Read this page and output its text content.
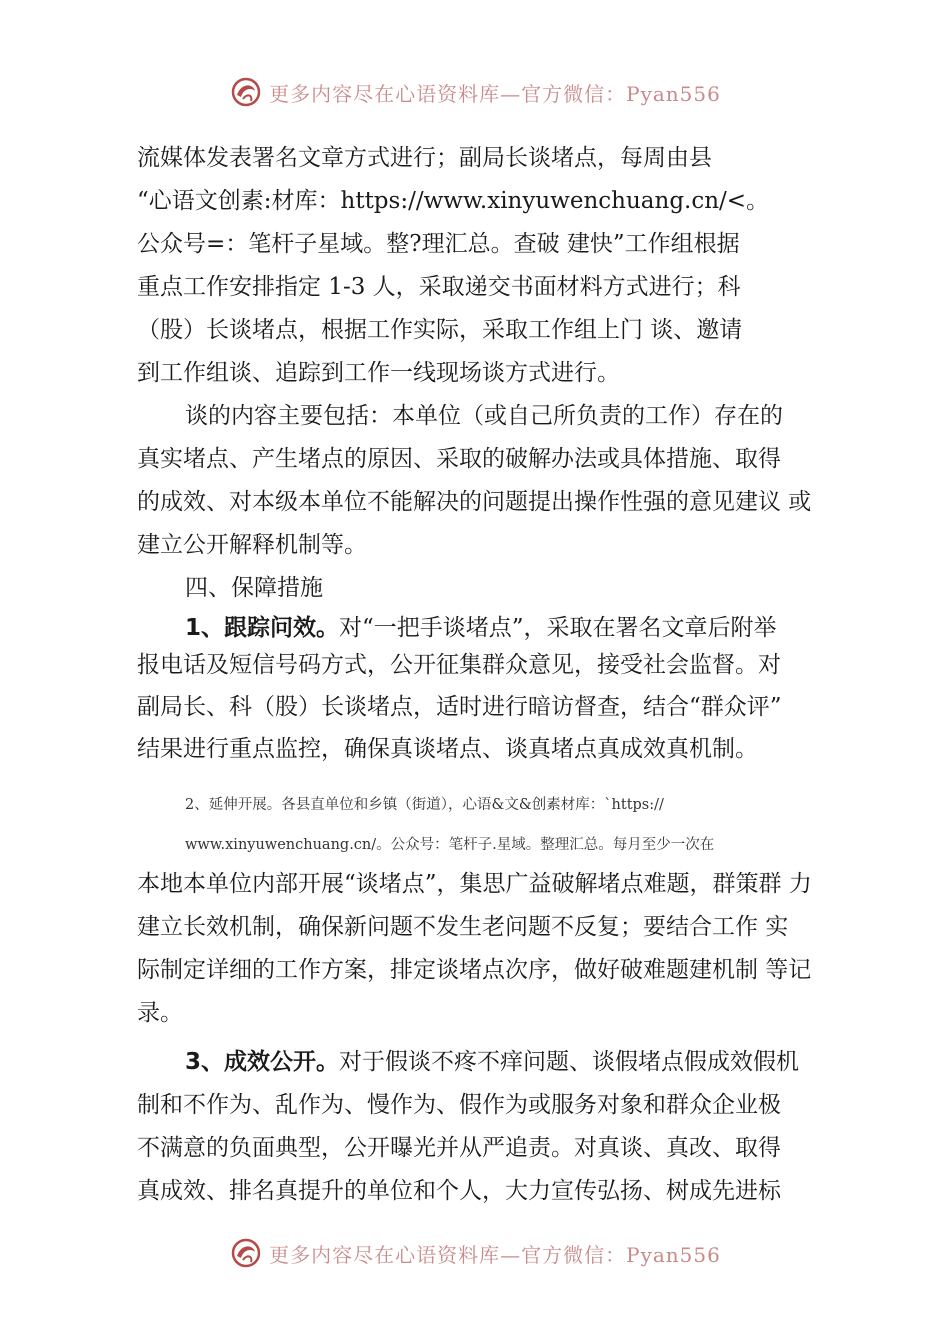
更多内容尽在心语资料库—官方微信：Pyan556
流媒体发表署名文章方式进行；副局长谈堵点，每周由县
“心语文创素:材库：https://www.xinyuwenchuang.cn/<。
公众号=：笔杆子星域。整?理汇总。查破 建快”工作组根据
重点工作安排指定 1-3 人，采取递交书面材料方式进行；科
（股）长谈堵点，根据工作实际，采取工作组上门 谈、邀请
到工作组谈、追踪到工作一线现场谈方式进行。
谈的内容主要包括：本单位（或自己所负责的工作）存在的
真实堵点、产生堵点的原因、采取的破解办法或具体措施、取得
的成效、对本级本单位不能解决的问题提出操作性强的意见建议 或
建立公开解释机制等。
四、保障措施
1、跟踪问效。对“一把手谈堵点”，采取在署名文章后附举
报电话及短信号码方式，公开征集群众意见，接受社会监督。对
副局长、科（股）长谈堵点，适时进行暗访督查，结合“群众评”
结果进行重点监控，确保真谈堵点、谈真堵点真成效真机制。
2、延伸开展。各县直单位和乡镇（街道），心语&文&创素材库：`https://
www.xinyuwenchuang.cn/。公众号：笔杆子.星域。整理汇总。每月至少一次在
本地本单位内部开展“谈堵点”，集思广益破解堵点难题，群策群 力
建立长效机制，确保新问题不发生老问题不反复；要结合工作 实
际制定详细的工作方案，排定谈堵点次序，做好破难题建机制 等记
录。
3、成效公开。对于假谈不疼不痒问题、谈假堵点假成效假机
制和不作为、乱作为、慢作为、假作为或服务对象和群众企业极
不满意的负面典型，公开曝光并从严追责。对真谈、真改、取得
真成效、排名真提升的单位和个人，大力宣传弘扬、树成先进标
更多内容尽在心语资料库—官方微信：Pyan556
